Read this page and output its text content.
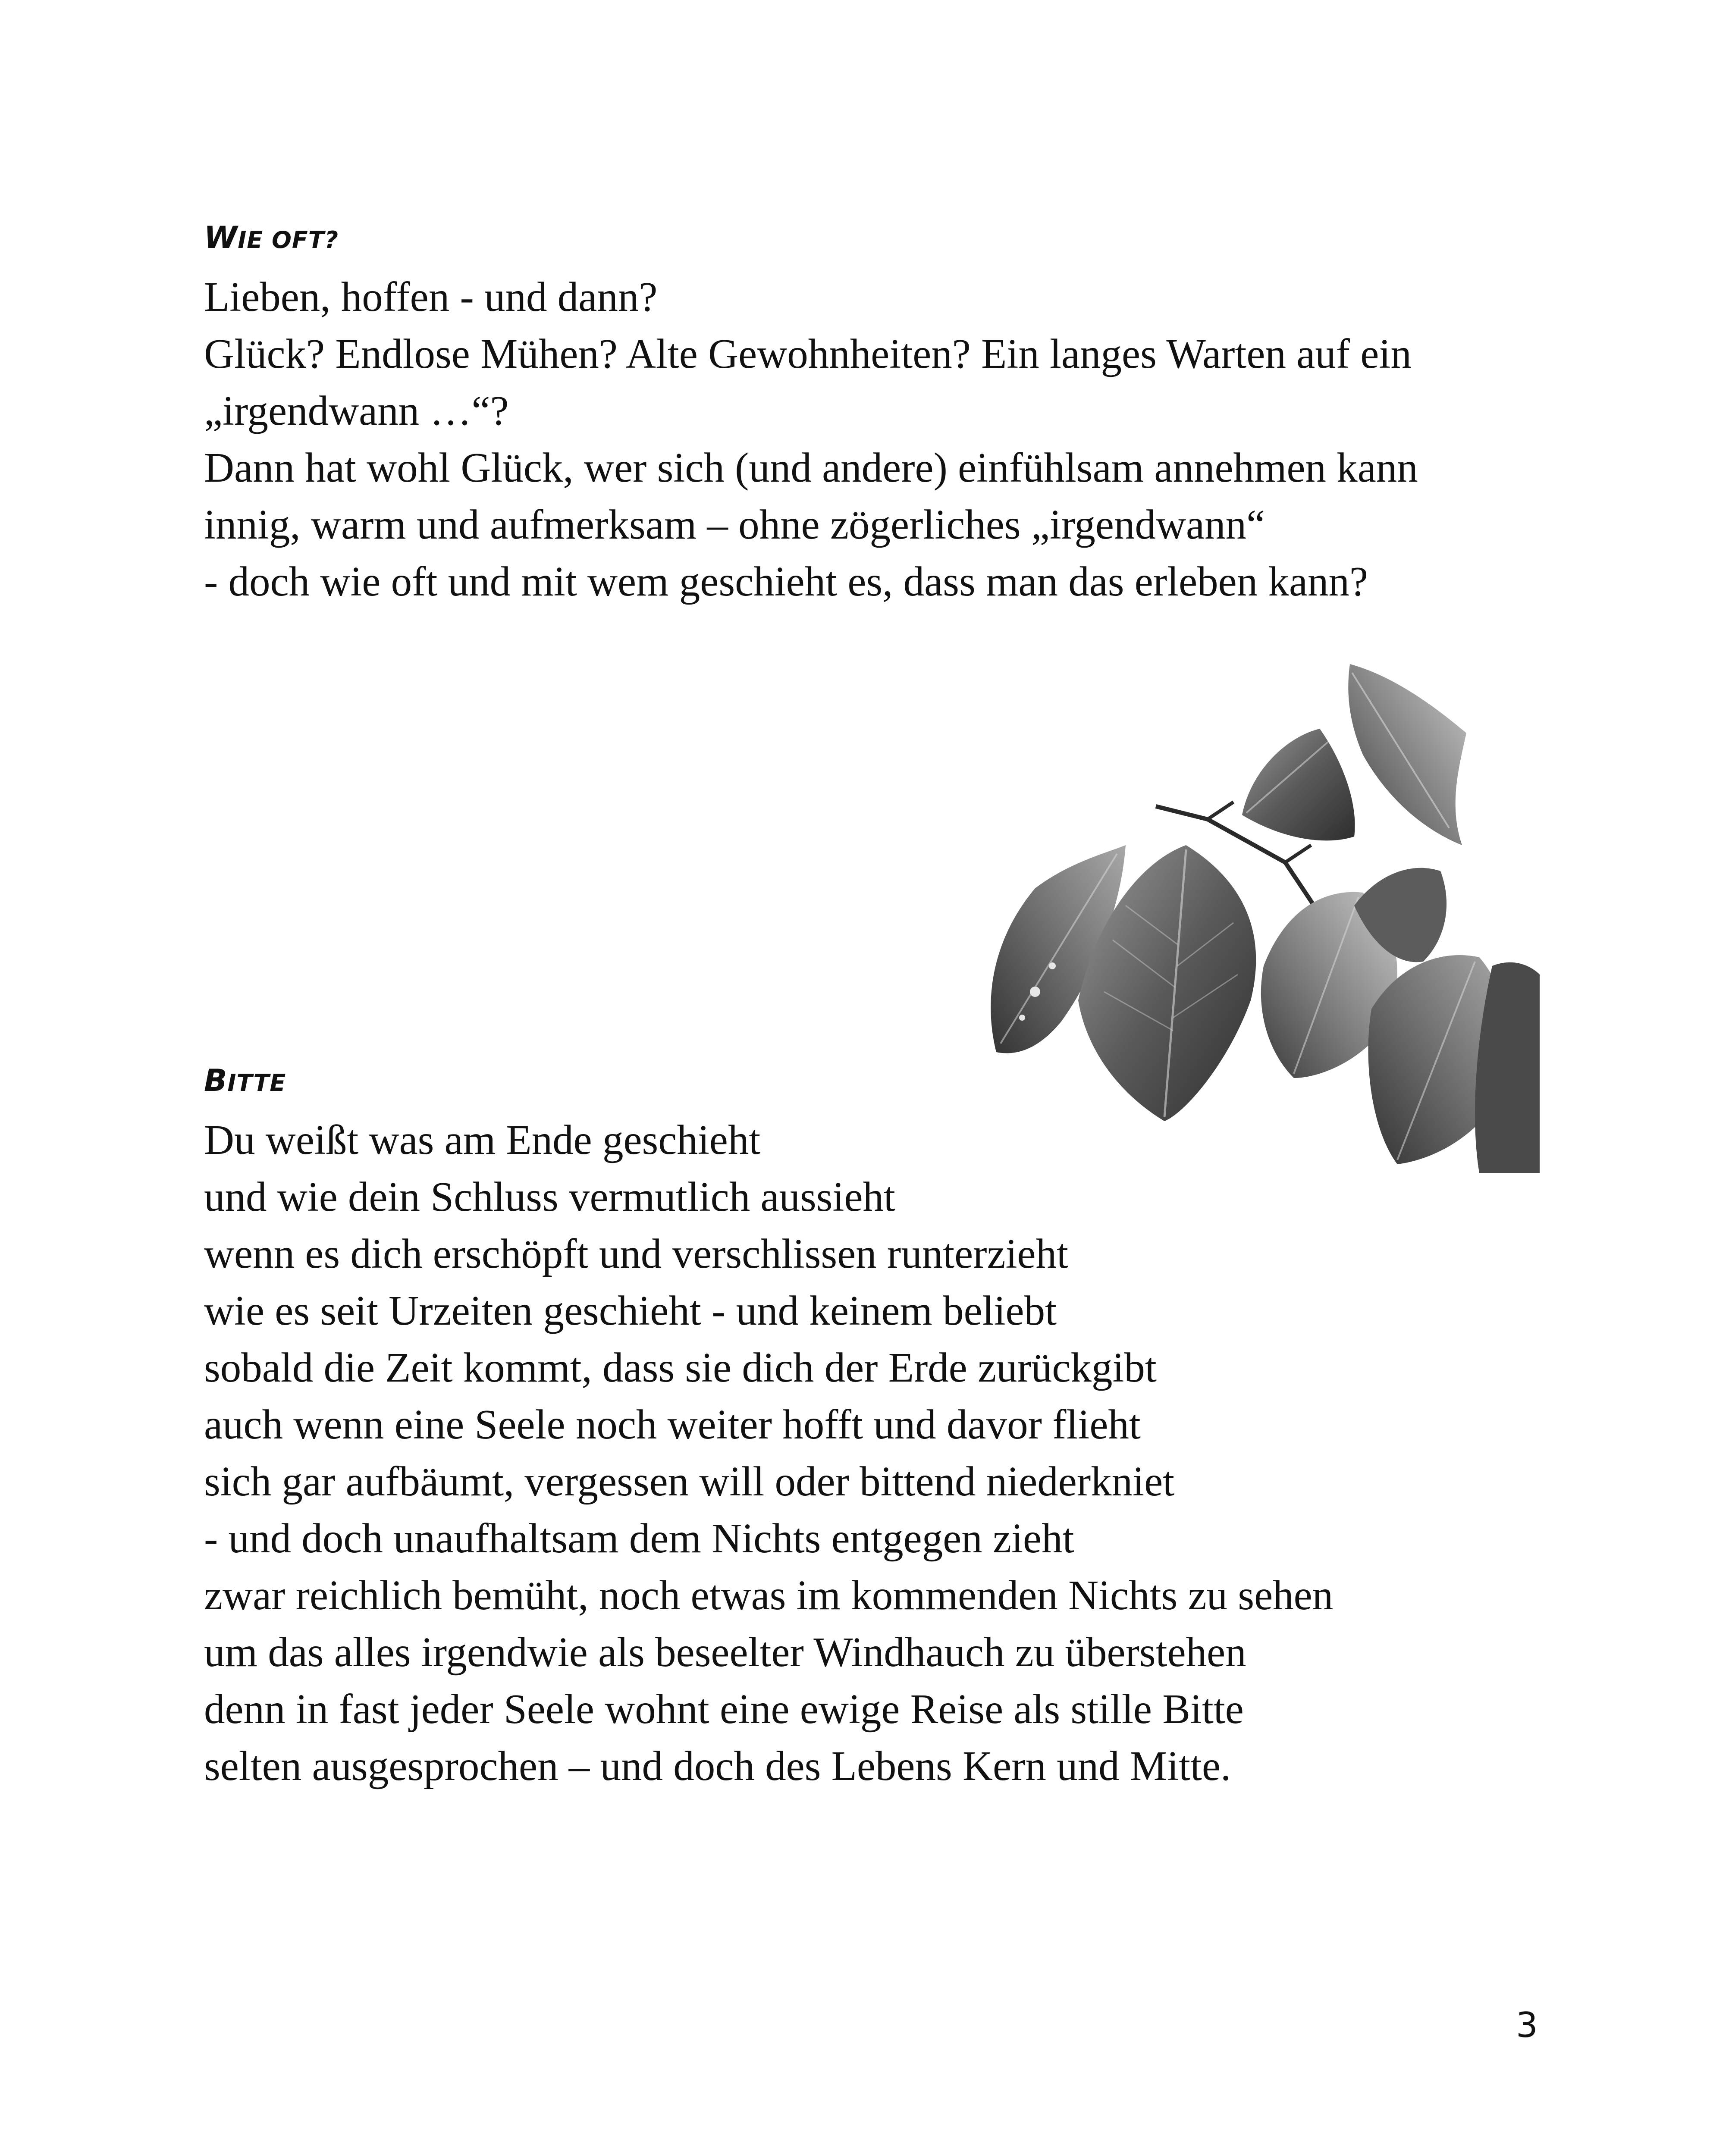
WIE OFT?
Lieben, hoffen - und dann?
Glück? Endlose Mühen? Alte Gewohnheiten? Ein langes Warten auf ein
„irgendwann …“?
Dann hat wohl Glück, wer sich (und andere) einfühlsam annehmen kann
innig, warm und aufmerksam – ohne zögerliches „irgendwann“
- doch wie oft und mit wem geschieht es, dass man das erleben kann?
BITTE
Du weißt was am Ende geschieht
und wie dein Schluss vermutlich aussieht
wenn es dich erschöpft und verschlissen runterzieht
wie es seit Urzeiten geschieht - und keinem beliebt
sobald die Zeit kommt, dass sie dich der Erde zurückgibt
auch wenn eine Seele noch weiter hofft und davor flieht
sich gar aufbäumt, vergessen will oder bittend niederkniet
- und doch unaufhaltsam dem Nichts entgegen zieht
zwar reichlich bemüht, noch etwas im kommenden Nichts zu sehen
um das alles irgendwie als beseelter Windhauch zu überstehen
denn in fast jeder Seele wohnt eine ewige Reise als stille Bitte
selten ausgesprochen – und doch des Lebens Kern und Mitte.
3
